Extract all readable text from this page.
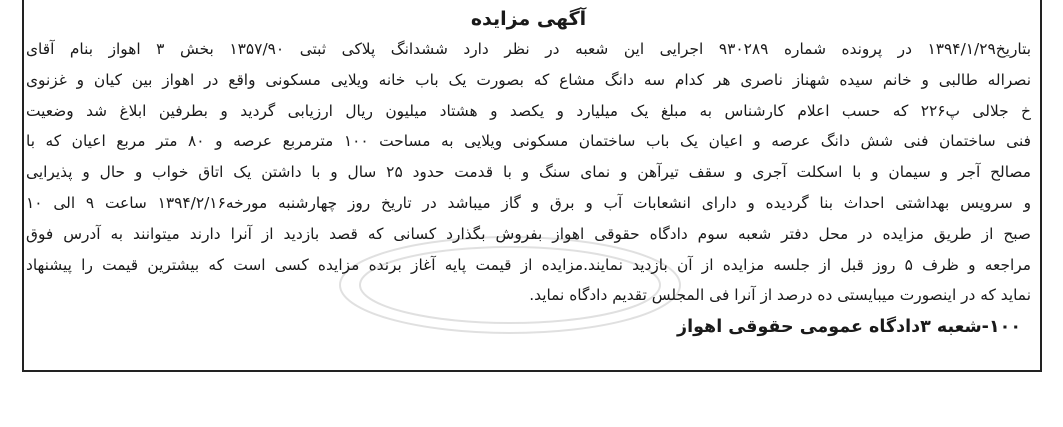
آگهی مزایده
بتاریخ۱۳۹۴/۱/۲۹ در پرونده شماره ۹۳۰۲۸۹ اجرایی این شعبه در نظر دارد ششدانگ پلاکی ثبتی ۱۳۵۷/۹۰ بخش ۳ اهواز بنام آقای
نصراله طالبی و خانم سیده شهناز ناصری هر کدام سه دانگ مشاع که بصورت یک باب خانه ویلایی مسکونی واقع در اهواز بین کیان و غزنوی
خ جلالی پ۲۲۶ که حسب اعلام کارشناس به مبلغ یک میلیارد و یکصد و هشتاد میلیون ریال ارزیابی گردید و بطرفین ابلاغ شد وضعیت
فنی ساختمان فنی شش دانگ عرصه و اعیان یک باب ساختمان مسکونی ویلایی به مساحت ۱۰۰ مترمربع عرصه و ۸۰ متر مربع اعیان که با
مصالح آجر و سیمان و با اسکلت آجری و سقف تیرآهن و نمای سنگ و با قدمت حدود ۲۵ سال و با داشتن یک اتاق خواب و حال و پذیرایی
و سرویس بهداشتی احداث بنا گردیده و دارای انشعابات آب و برق و گاز میباشد در تاریخ روز چهارشنبه مورخه۱۳۹۴/۲/۱۶ ساعت ۹ الی ۱۰
صبح از طریق مزایده در محل دفتر شعبه سوم دادگاه حقوقی اهواز بفروش بگذارد کسانی که قصد بازدید از آنرا دارند میتوانند به آدرس فوق
مراجعه و ظرف ۵ روز قبل از جلسه مزایده از آن بازدید نمایند.مزایده از قیمت پایه آغاز برنده مزایده کسی است که بیشترین قیمت را پیشنهاد
نماید که در اینصورت میبایستی ده درصد از آنرا فی المجلس تقدیم دادگاه نماید.
۱۰۰-شعبه ۳دادگاه عمومی حقوقی اهواز
